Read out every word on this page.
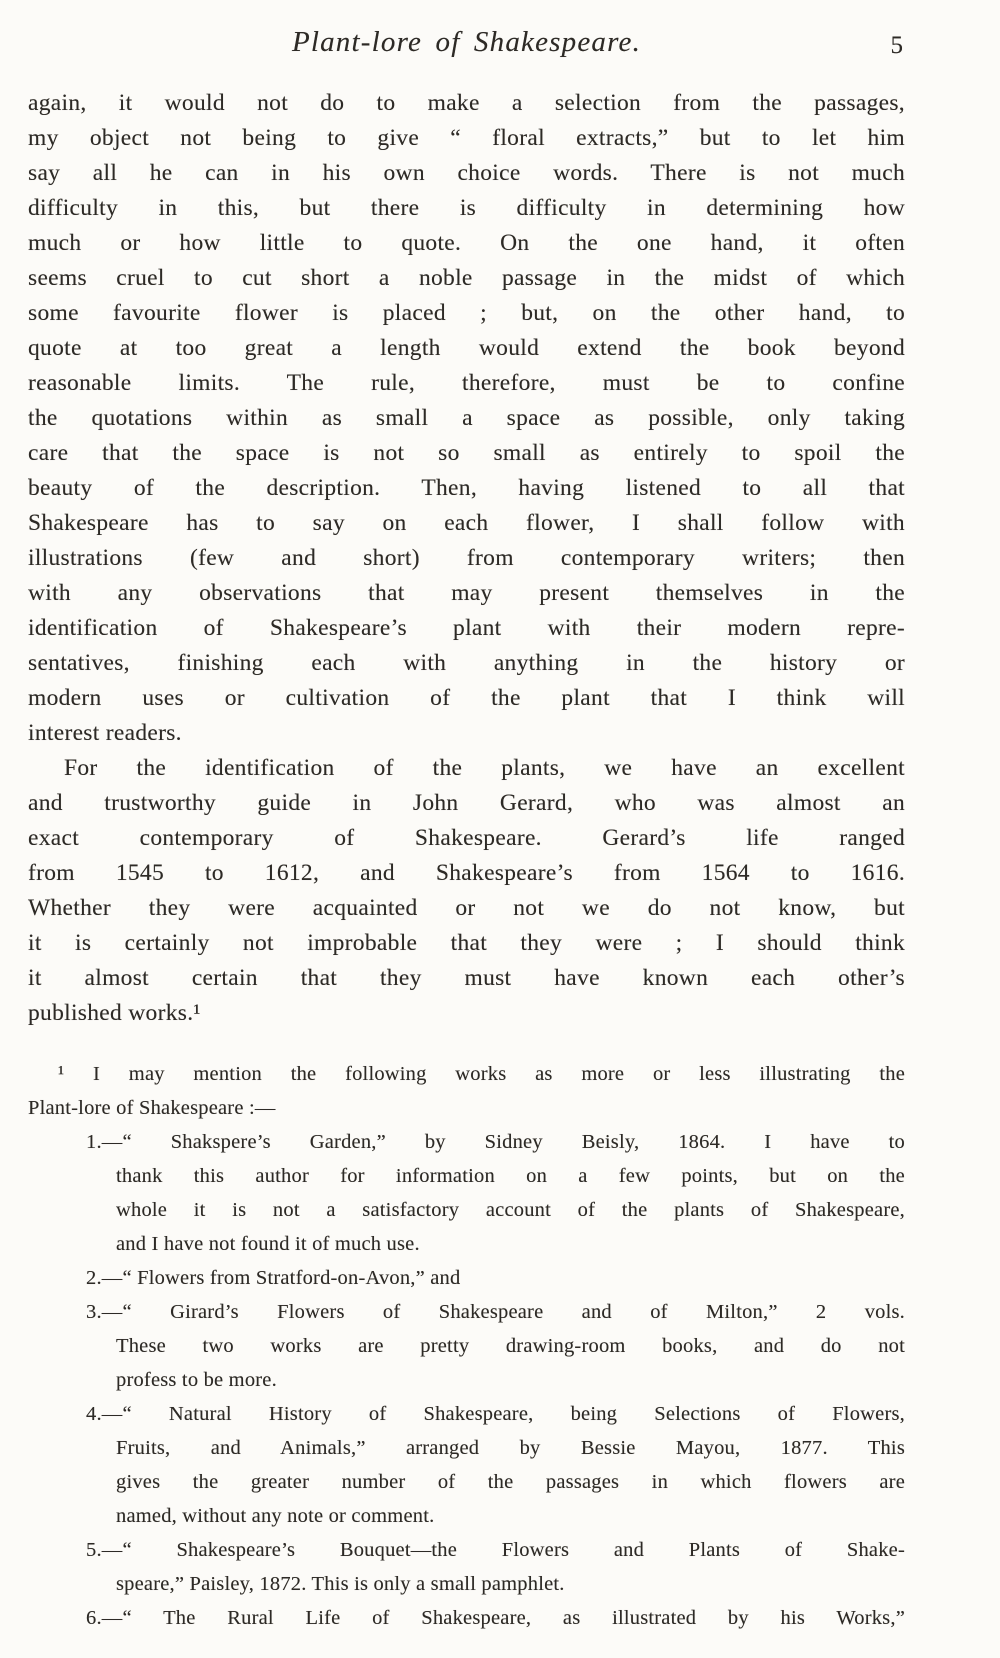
Plant-lore of Shakespeare.	5
again, it would not do to make a selection from the passages,
my object not being to give “ floral extracts,” but to let him
say all he can in his own choice words. There is not much
difficulty in this, but there is difficulty in determining how
much or how little to quote. On the one hand, it often
seems cruel to cut short a noble passage in the midst of which
some favourite flower is placed ; but, on the other hand, to
quote at too great a length would extend the book beyond
reasonable limits. The rule, therefore, must be to confine
the quotations within as small a space as possible, only taking
care that the space is not so small as entirely to spoil the
beauty of the description. Then, having listened to all that
Shakespeare has to say on each flower, I shall follow with
illustrations (few and short) from contemporary writers; then
with any observations that may present themselves in the
identification of Shakespeare’s plant with their modern repre-
sentatives, finishing each with anything in the history or
modern uses or cultivation of the plant that I think will
interest readers.
For the identification of the plants, we have an excellent
and trustworthy guide in John Gerard, who was almost an
exact contemporary of Shakespeare. Gerard’s life ranged
from 1545 to 1612, and Shakespeare’s from 1564 to 1616.
Whether they were acquainted or not we do not know, but
it is certainly not improbable that they were ; I should think
it almost certain that they must have known each other’s
published works.¹
¹ I may mention the following works as more or less illustrating the
Plant-lore of Shakespeare :—
1.—“ Shakspere’s Garden,” by Sidney Beisly, 1864. I have to
thank this author for information on a few points, but on the
whole it is not a satisfactory account of the plants of Shakespeare,
and I have not found it of much use.
2.—“ Flowers from Stratford-on-Avon,” and
3.—“ Girard’s Flowers of Shakespeare and of Milton,” 2 vols.
These two works are pretty drawing-room books, and do not
profess to be more.
4.—“ Natural History of Shakespeare, being Selections of Flowers,
Fruits, and Animals,” arranged by Bessie Mayou, 1877. This
gives the greater number of the passages in which flowers are
named, without any note or comment.
5.—“ Shakespeare’s Bouquet—the Flowers and Plants of Shake-
speare,” Paisley, 1872. This is only a small pamphlet.
6.—“ The Rural Life of Shakespeare, as illustrated by his Works,”
